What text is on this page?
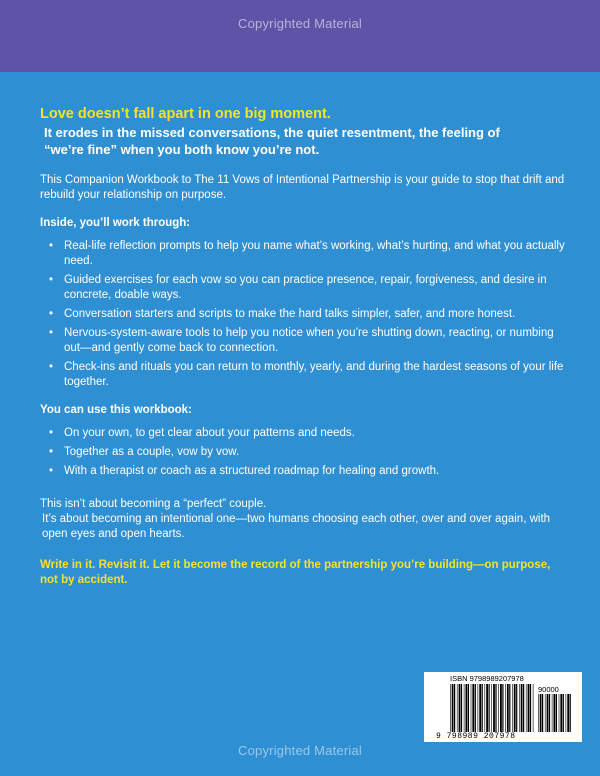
Copyrighted Material

Love doesn’t fall apart in one big moment.

It erodes in the missed conversations, the quiet resentment, the feeling of
“we’re fine” when you both know you’re not.

This Companion Workbook to The 11 Vows of Intentional Partnership is your guide to stop that drift and rebuild your relationship on purpose.

Inside, you’ll work through:
• Real-life reflection prompts to help you name what’s working, what’s hurting, and what you actually need.
• Guided exercises for each vow so you can practice presence, repair, forgiveness, and desire in concrete, doable ways.
• Conversation starters and scripts to make the hard talks simpler, safer, and more honest.
• Nervous-system-aware tools to help you notice when you’re shutting down, reacting, or numbing out—and gently come back to connection.
• Check-ins and rituals you can return to monthly, yearly, and during the hardest seasons of your life together.
You can use this workbook:
• On your own, to get clear about your patterns and needs.
• Together as a couple, vow by vow.
• With a therapist or coach as a structured roadmap for healing and growth.

This isn’t about becoming a “perfect” couple.

It’s about becoming an intentional one—two humans choosing each other, over and over again, with open eyes and open hearts.

Write in it. Revisit it. Let it become the record of the partnership you’re building—on purpose, not by accident.
ISBN 9798989207978
90000
9 798989 207978
Copyrighted Material
